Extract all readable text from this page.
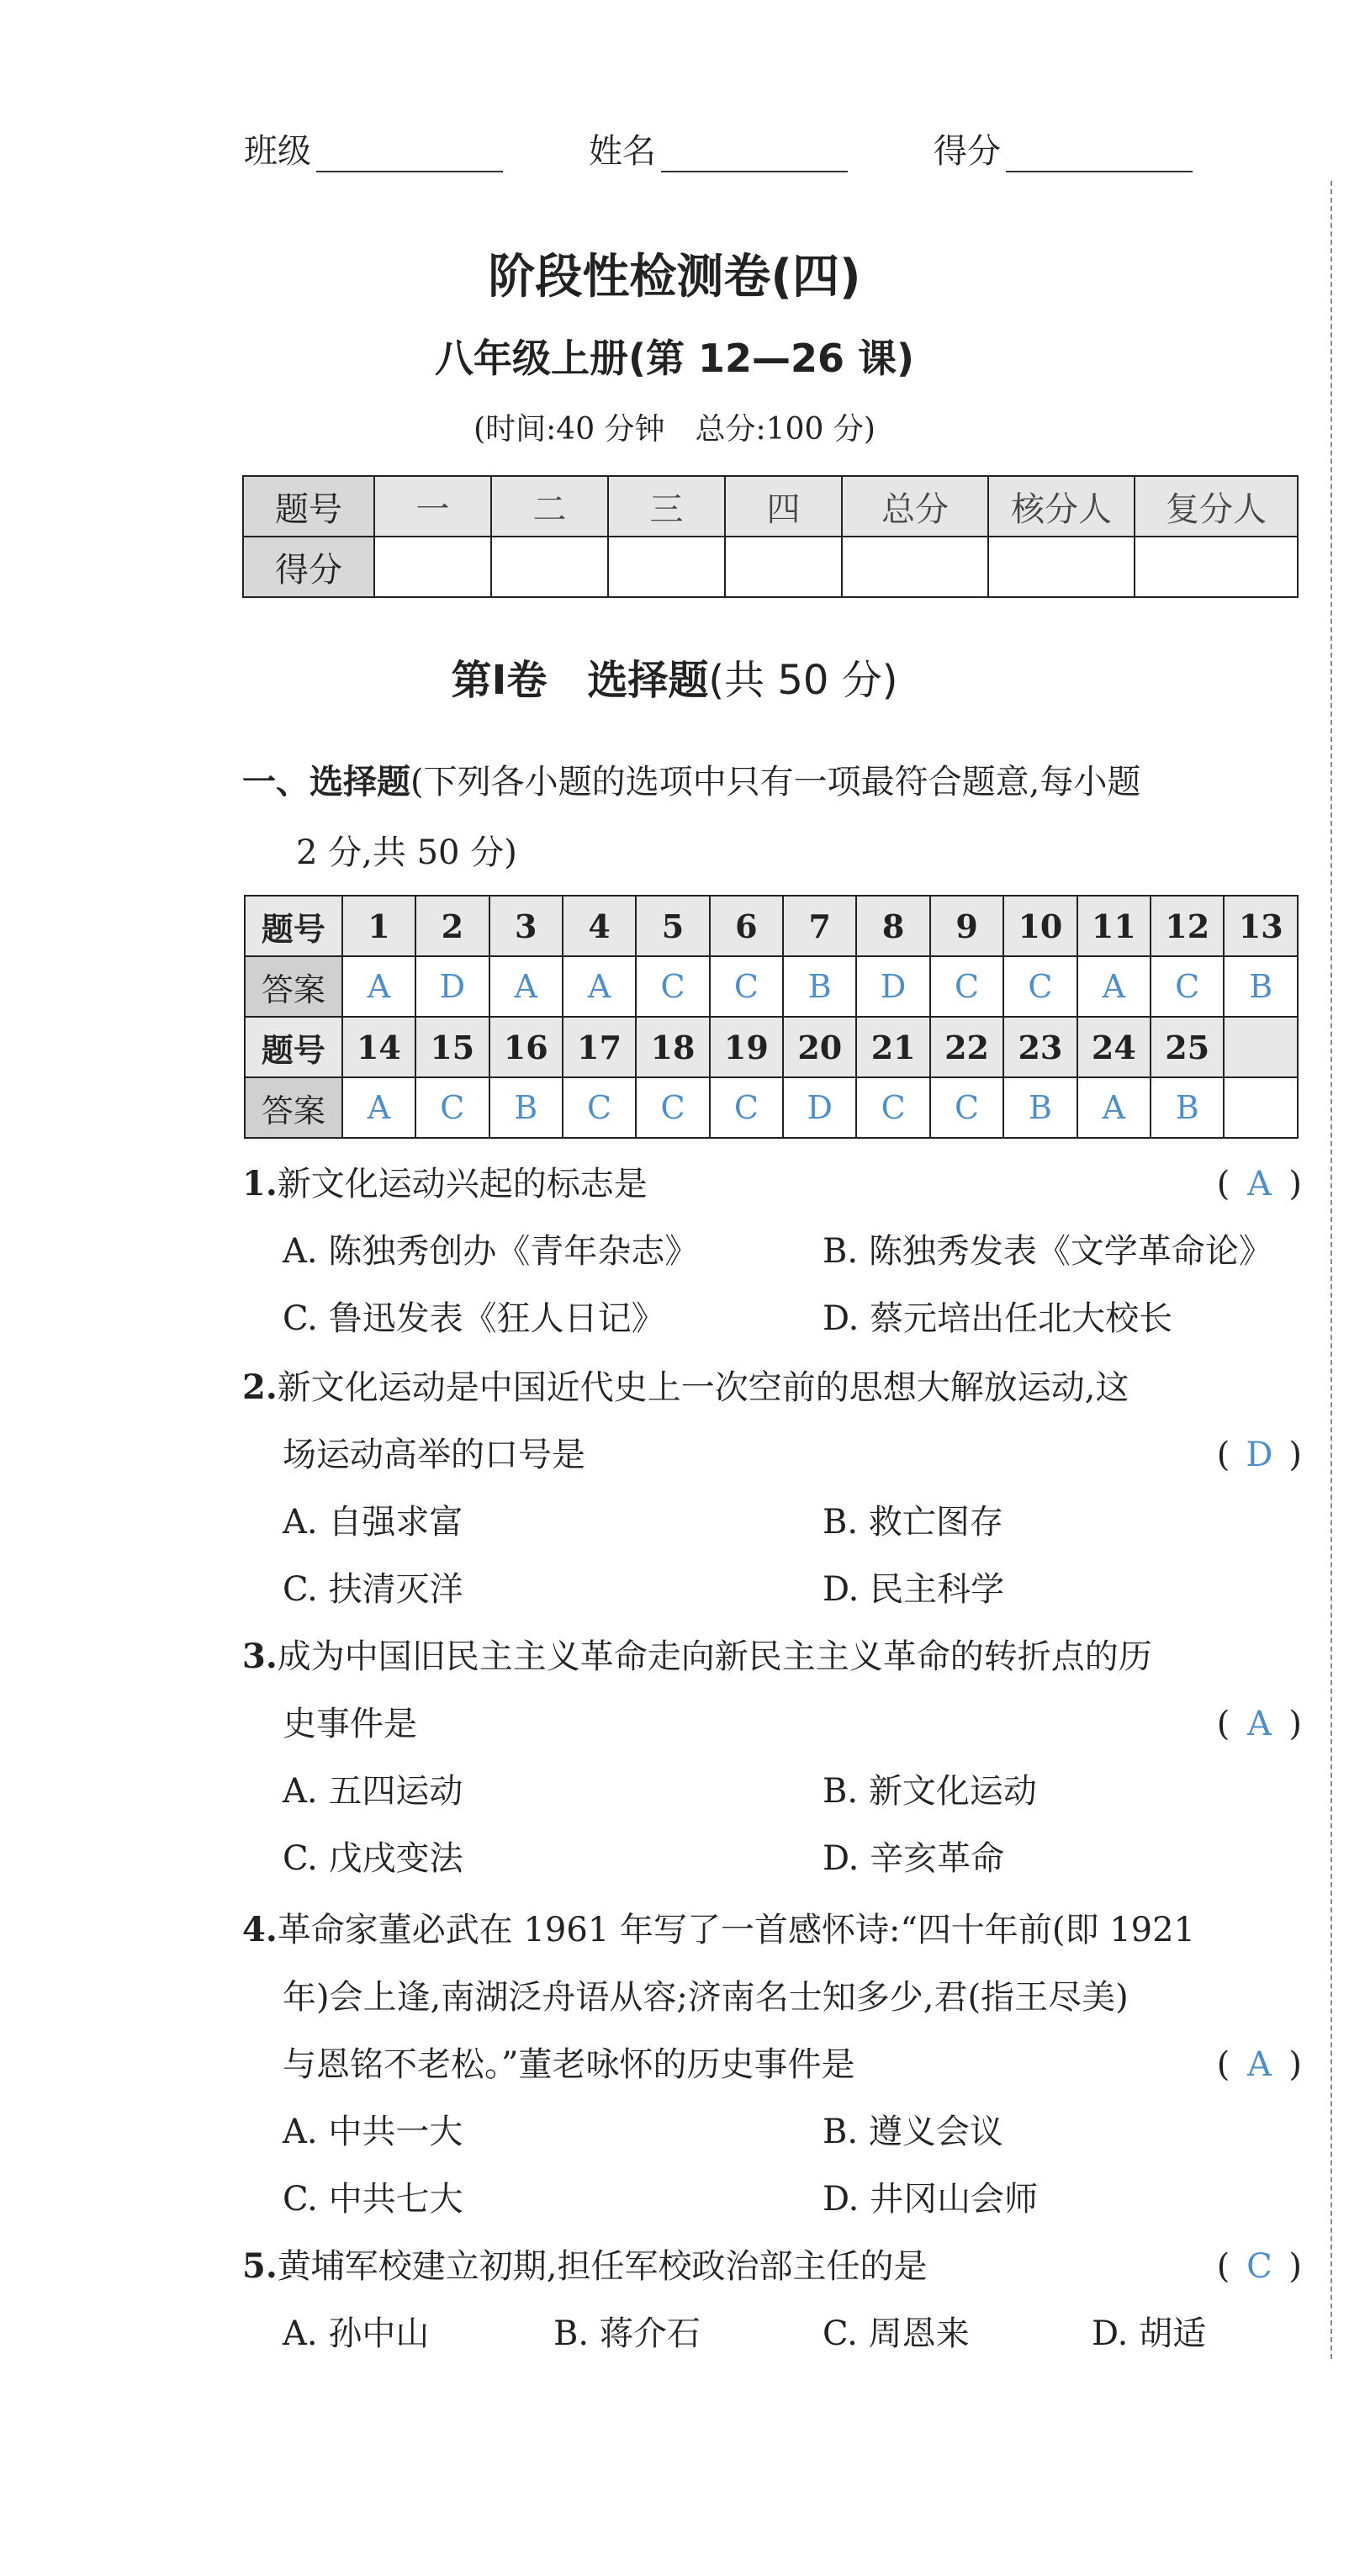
班级	姓名	得分
阶段性检测卷(四)
八年级上册(第 12—26 课)
(时间:40 分钟　总分:100 分)
题号	一	二	三	四	总分	核分人	复分人
得分							
第Ⅰ卷　选择题(共 50 分)
一、选择题(下列各小题的选项中只有一项最符合题意,每小题
2 分,共 50 分)
题号	1	2	3	4	5	6	7	8	9	10	11	12	13
答案	A	D	A	A	C	C	B	D	C	C	A	C	B
题号	14	15	16	17	18	19	20	21	22	23	24	25	
答案	A	C	B	C	C	C	D	C	C	B	A	B	
1.新文化运动兴起的标志是	( A )
A. 陈独秀创办《青年杂志》	B. 陈独秀发表《文学革命论》
C. 鲁迅发表《狂人日记》	D. 蔡元培出任北大校长
2.新文化运动是中国近代史上一次空前的思想大解放运动,这
场运动高举的口号是	( D )
A. 自强求富	B. 救亡图存
C. 扶清灭洋	D. 民主科学
3.成为中国旧民主主义革命走向新民主主义革命的转折点的历
史事件是	( A )
A. 五四运动	B. 新文化运动
C. 戊戌变法	D. 辛亥革命
4.革命家董必武在 1961 年写了一首感怀诗:“四十年前(即 1921
年)会上逢,南湖泛舟语从容;济南名士知多少,君(指王尽美)
与恩铭不老松。”董老咏怀的历史事件是	( A )
A. 中共一大	B. 遵义会议
C. 中共七大	D. 井冈山会师
5.黄埔军校建立初期,担任军校政治部主任的是	( C )
A. 孙中山	B. 蒋介石	C. 周恩来	D. 胡适
